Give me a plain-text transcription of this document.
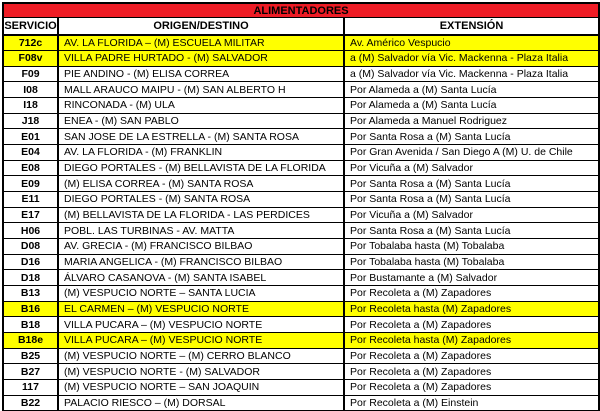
ALIMENTADORES		
SERVICIO	ORIGEN/DESTINO	EXTENSIÓN
712c	AV. LA FLORIDA – (M) ESCUELA MILITAR	Av. Américo Vespucio
F08v	VILLA PADRE HURTADO - (M) SALVADOR	a (M) Salvador vía Vic. Mackenna - Plaza Italia
F09	PIE ANDINO - (M) ELISA CORREA	a (M) Salvador vía Vic. Mackenna - Plaza Italia
I08	MALL ARAUCO MAIPU - (M) SAN ALBERTO H	Por Alameda a (M) Santa Lucía
I18	RINCONADA - (M) ULA	Por Alameda a (M) Santa Lucía
J18	ENEA - (M) SAN PABLO	Por Alameda a Manuel Rodriguez
E01	SAN JOSE DE LA ESTRELLA - (M) SANTA ROSA	Por Santa Rosa a (M) Santa Lucía
E04	AV. LA FLORIDA - (M) FRANKLIN	Por Gran Avenida / San Diego A (M) U. de Chile
E08	DIEGO PORTALES - (M) BELLAVISTA DE LA FLORIDA	Por Vicuña a (M) Salvador
E09	(M) ELISA CORREA - (M) SANTA ROSA	Por Santa Rosa a (M) Santa Lucía
E11	DIEGO PORTALES - (M) SANTA ROSA	Por Santa Rosa a (M) Santa Lucía
E17	(M) BELLAVISTA DE LA FLORIDA - LAS PERDICES	Por Vicuña a (M) Salvador
H06	POBL. LAS TURBINAS - AV. MATTA	Por Santa Rosa a (M) Santa Lucía
D08	AV. GRECIA - (M) FRANCISCO BILBAO	Por Tobalaba hasta (M) Tobalaba
D16	MARIA ANGELICA - (M) FRANCISCO BILBAO	Por Tobalaba hasta (M) Tobalaba
D18	ÁLVARO CASANOVA - (M) SANTA ISABEL	Por Bustamante a (M) Salvador
B13	(M) VESPUCIO NORTE – SANTA LUCIA	Por Recoleta a (M) Zapadores
B16	EL CARMEN – (M) VESPUCIO NORTE	Por Recoleta hasta (M) Zapadores
B18	VILLA PUCARA – (M) VESPUCIO NORTE	Por Recoleta a (M) Zapadores
B18e	VILLA PUCARA – (M) VESPUCIO NORTE	Por Recoleta hasta (M) Zapadores
B25	(M) VESPUCIO NORTE – (M) CERRO BLANCO	Por Recoleta a (M) Zapadores
B27	(M) VESPUCIO NORTE - (M) SALVADOR	Por Recoleta a (M) Zapadores
117	(M) VESPUCIO NORTE – SAN JOAQUIN	Por Recoleta a (M) Zapadores
B22	PALACIO RIESCO – (M) DORSAL	Por Recoleta a (M) Einstein
